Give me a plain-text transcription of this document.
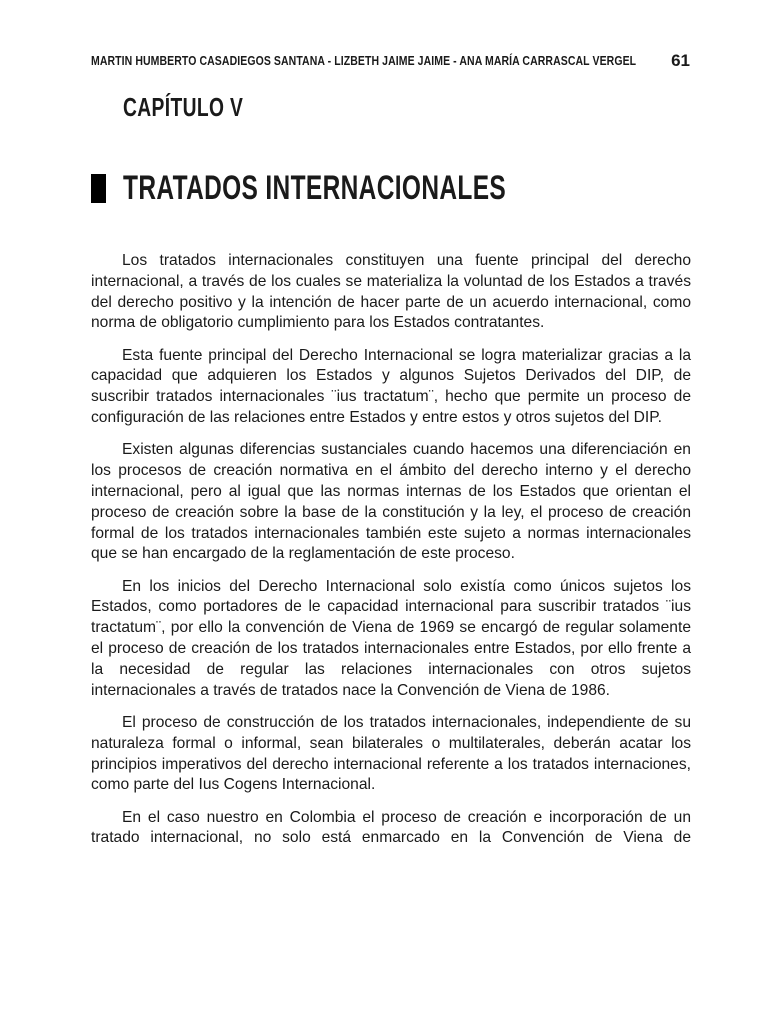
MARTIN HUMBERTO CASADIEGOS SANTANA - LIZBETH JAIME JAIME - ANA MARÍA CARRASCAL VERGEL 61
CAPÍTULO V
TRATADOS INTERNACIONALES

Los tratados internacionales constituyen una fuente principal del derecho internacional, a través de los cuales se materializa la voluntad de los Estados a través del derecho positivo y la intención de hacer parte de un acuerdo internacional, como norma de obligatorio cumplimiento para los Estados contratantes.

Esta fuente principal del Derecho Internacional se logra materializar gracias a la capacidad que adquieren los Estados y algunos Sujetos Derivados del DIP, de suscribir tratados internacionales ¨ius tractatum¨, hecho que permite un proceso de configuración de las relaciones entre Estados y entre estos y otros sujetos del DIP.

Existen algunas diferencias sustanciales cuando hacemos una diferenciación en los procesos de creación normativa en el ámbito del derecho interno y el derecho internacional, pero al igual que las normas internas de los Estados que orientan el proceso de creación sobre la base de la constitución y la ley, el proceso de creación formal de los tratados internacionales también este sujeto a normas internacionales que se han encargado de la reglamentación de este proceso.

En los inicios del Derecho Internacional solo existía como únicos sujetos los Estados, como portadores de le capacidad internacional para suscribir tratados ¨ius tractatum¨, por ello la convención de Viena de 1969 se encargó de regular solamente el proceso de creación de los tratados internacionales entre Estados, por ello frente a la necesidad de regular las relaciones internacionales con otros sujetos internacionales a través de tratados nace la Convención de Viena de 1986.

El proceso de construcción de los tratados internacionales, independiente de su naturaleza formal o informal, sean bilaterales o multilaterales, deberán acatar los principios imperativos del derecho internacional referente a los tratados internaciones, como parte del Ius Cogens Internacional.

En el caso nuestro en Colombia el proceso de creación e incorporación de un tratado internacional, no solo está enmarcado en la Convención de Viena de
